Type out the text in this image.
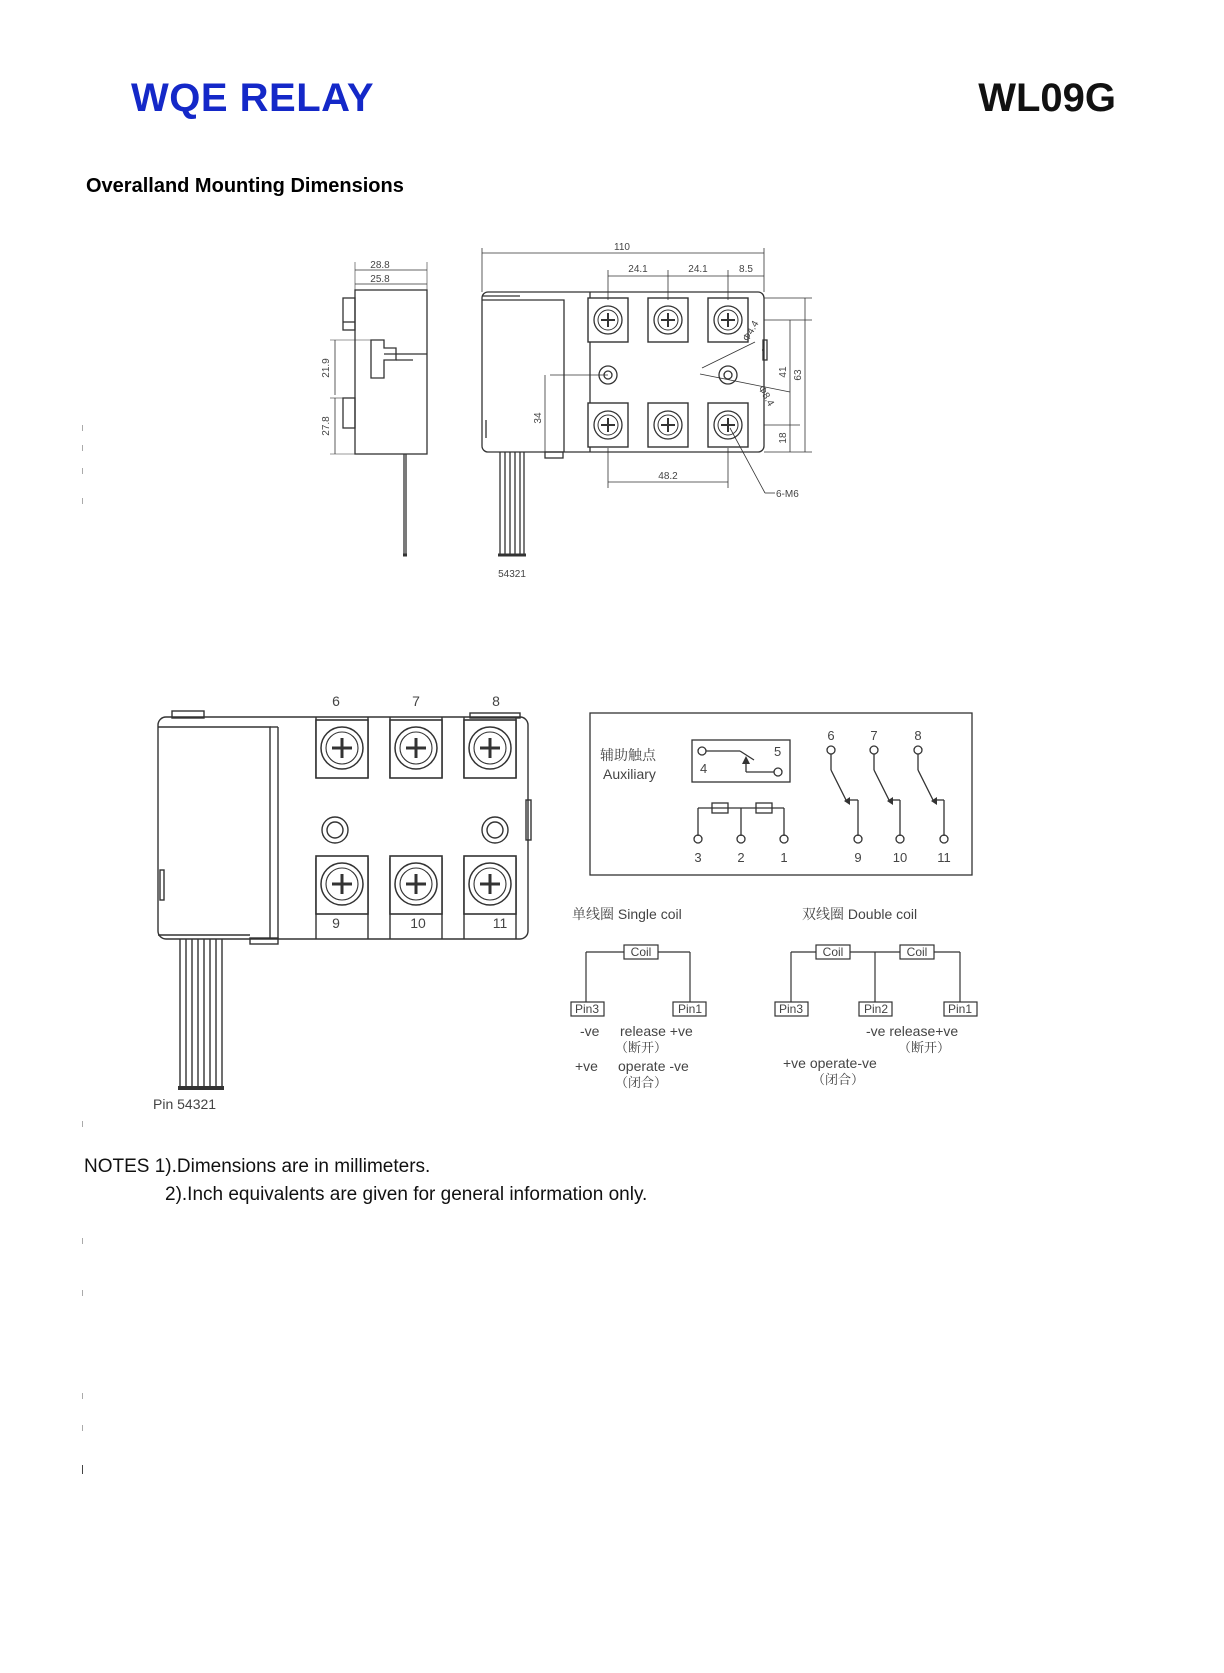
WQE RELAY	WL09G
Overalland Mounting Dimensions
28.8
25.8
21.9
27.8
110
24.1	24.1	8.5
41 63
34
18
48.2
Φ4.4
Φ8.4
6-M6
54321
6	7	8
9	10	11
Pin 54321
辅助触点
Auxiliary	4
5
3	2	1
6	7	8
9 10 11
单线圈 Single coil
Coil
Pin3	Pin1
-ve release +ve
（断开）
+ve operate -ve
（闭合）
双线圈 Double coil
Coil	Coil
Pin3	Pin2	Pin1
-ve release+ve
（断开）
+ve operate-ve
（闭合）
NOTES 1).Dimensions are in millimeters.
2).Inch equivalents are given for general information only.
